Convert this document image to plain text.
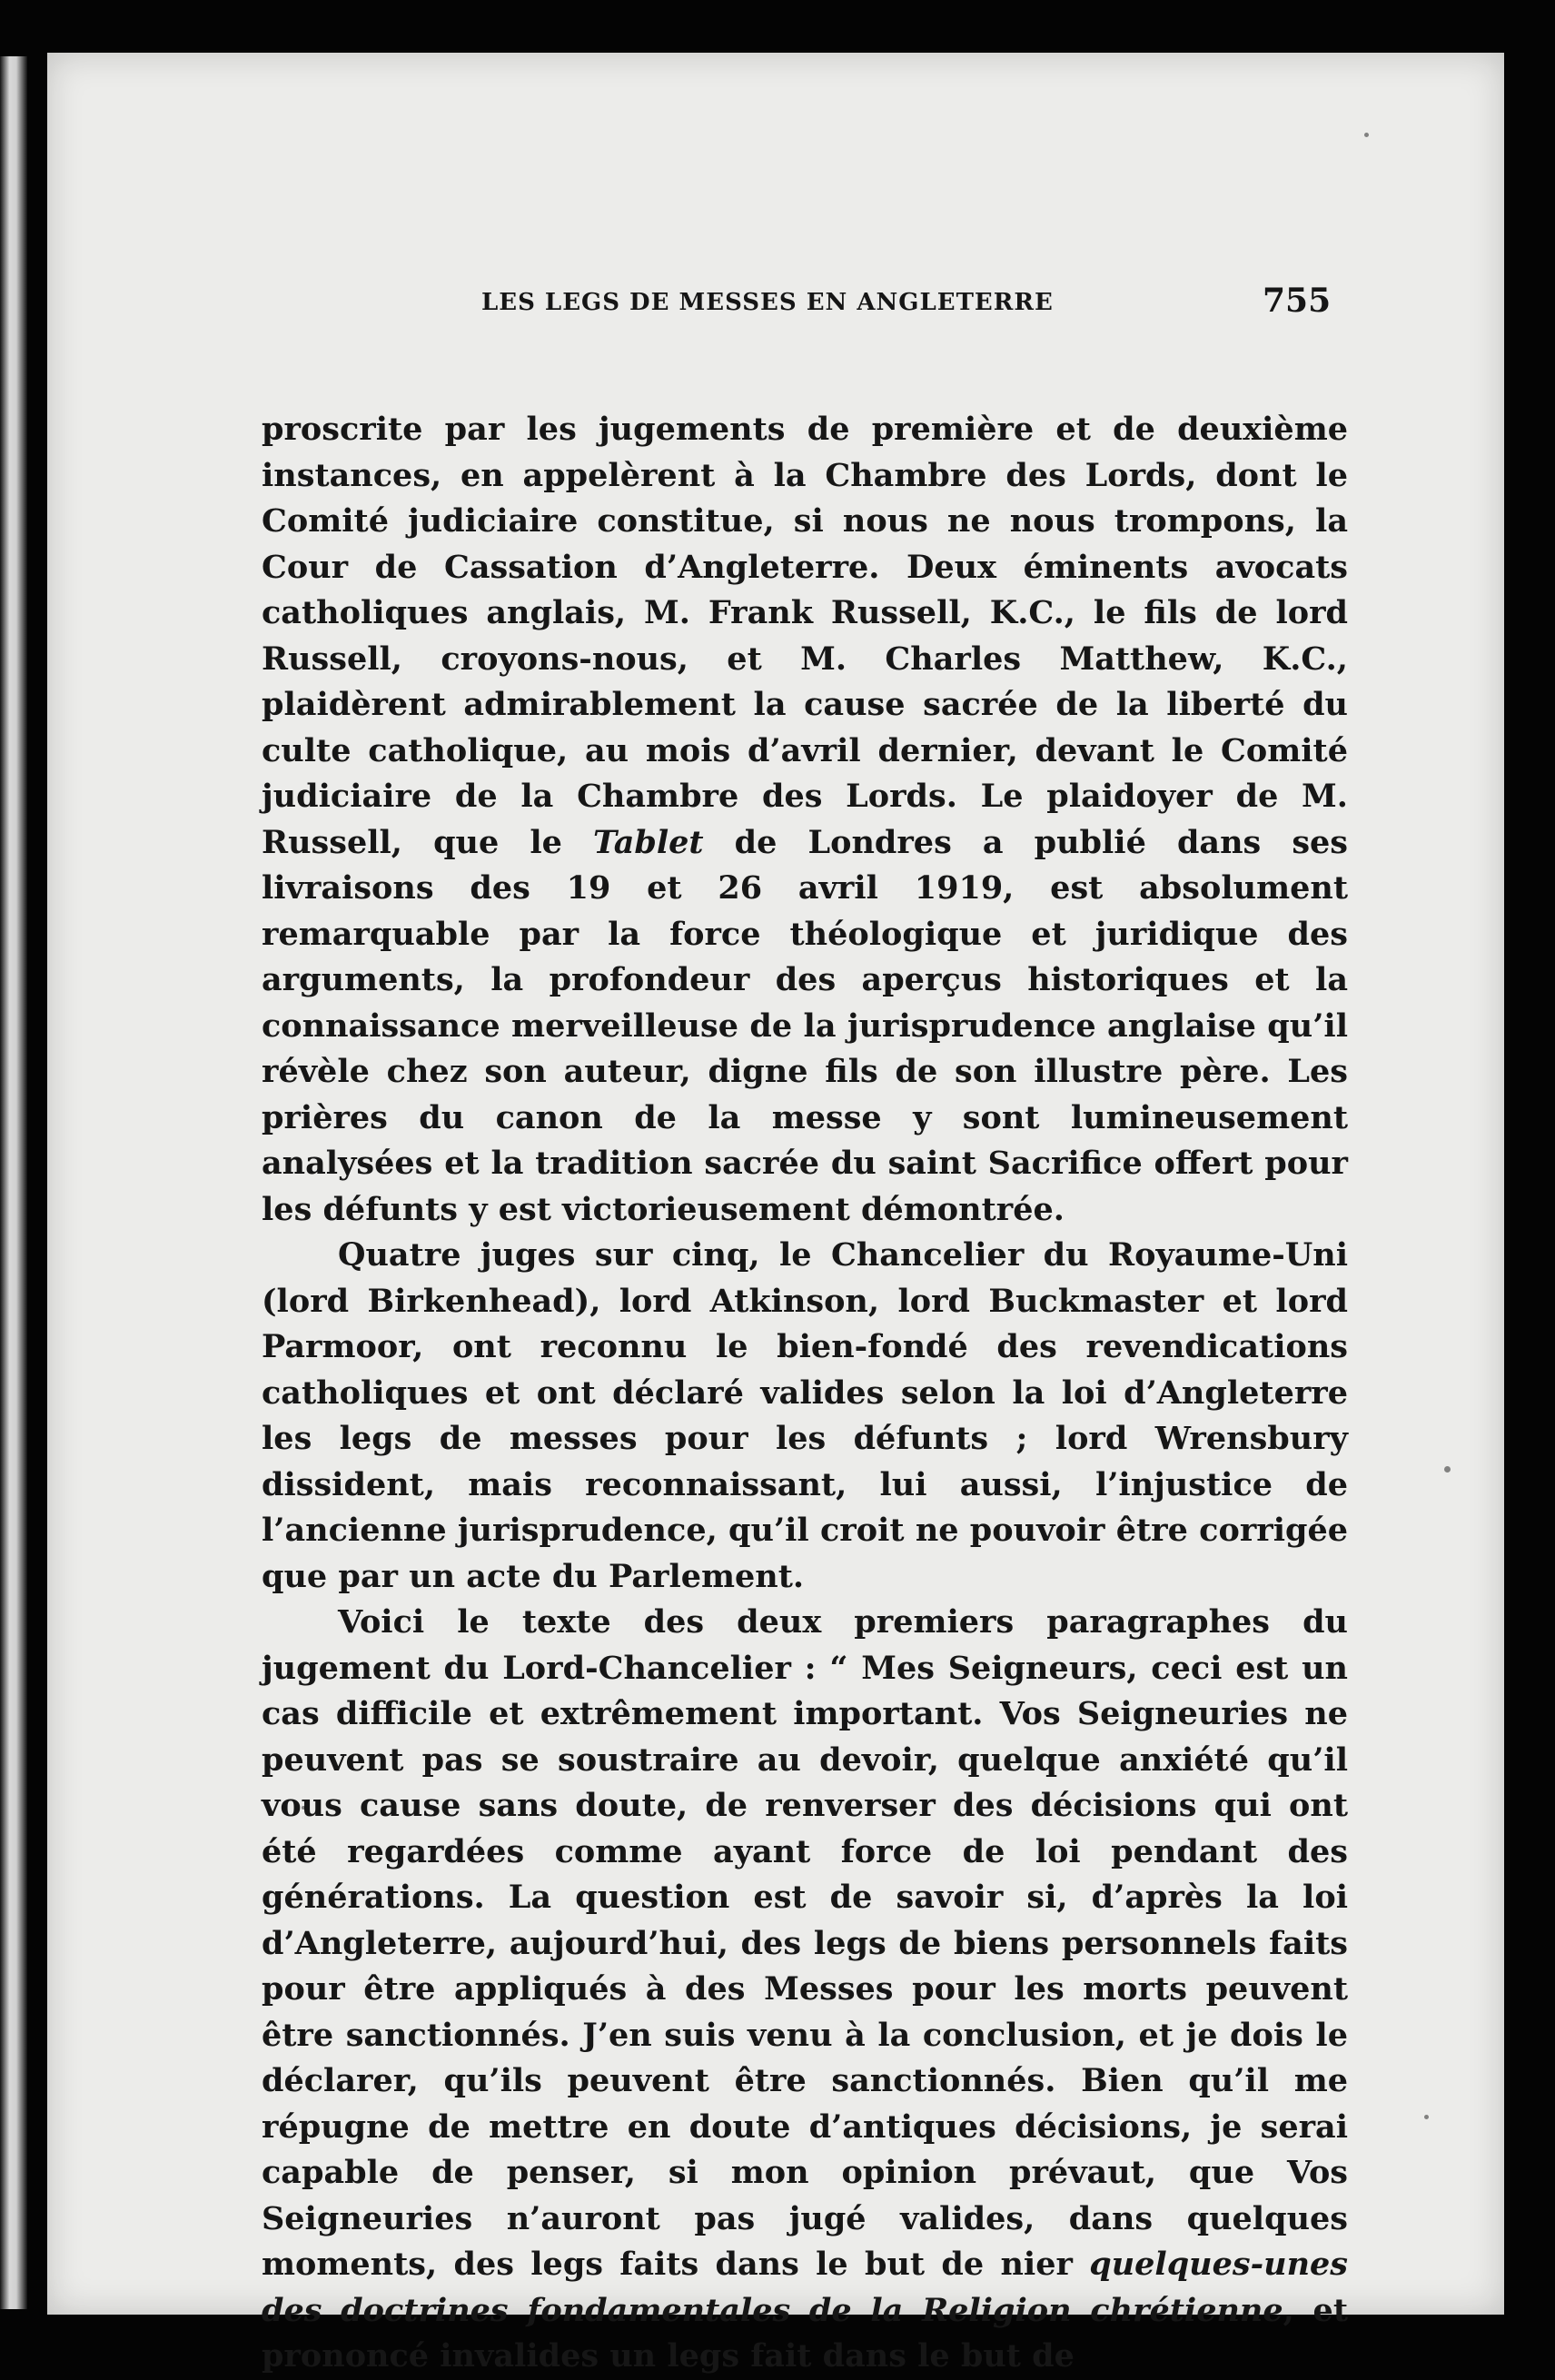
LES LEGS DE MESSES EN ANGLETERRE	755

proscrite par les jugements de première et de deuxième instances, en appelèrent à la Chambre des Lords, dont le Comité judiciaire constitue, si nous ne nous trompons, la Cour de Cassation d’Angleterre. Deux éminents avocats catholiques anglais, M. Frank Russell, K.C., le fils de lord Russell, croyons-nous, et M. Charles Matthew, K.C., plaidèrent admirablement la cause sacrée de la liberté du culte catholique, au mois d’avril dernier, devant le Comité judiciaire de la Chambre des Lords. Le plaidoyer de M. Russell, que le Tablet de Londres a publié dans ses livraisons des 19 et 26 avril 1919, est absolument remarquable par la force théologique et juridique des arguments, la profondeur des aperçus historiques et la connaissance merveilleuse de la jurisprudence anglaise qu’il révèle chez son auteur, digne fils de son illustre père. Les prières du canon de la messe y sont lumineusement analysées et la tradition sacrée du saint Sacrifice offert pour les défunts y est victorieusement démontrée.

Quatre juges sur cinq, le Chancelier du Royaume-Uni (lord Birkenhead), lord Atkinson, lord Buckmaster et lord Parmoor, ont reconnu le bien-fondé des revendications catholiques et ont déclaré valides selon la loi d’Angleterre les legs de messes pour les défunts ; lord Wrensbury dissident, mais reconnaissant, lui aussi, l’injustice de l’ancienne jurisprudence, qu’il croit ne pouvoir être corrigée que par un acte du Parlement.

Voici le texte des deux premiers paragraphes du jugement du Lord-Chancelier : “ Mes Seigneurs, ceci est un cas difficile et extrêmement important. Vos Seigneuries ne peuvent pas se soustraire au devoir, quelque anxiété qu’il vous cause sans doute, de renverser des décisions qui ont été regardées comme ayant force de loi pendant des générations. La question est de savoir si, d’après la loi d’Angleterre, aujourd’hui, des legs de biens personnels faits pour être appliqués à des Messes pour les morts peuvent être sanctionnés. J’en suis venu à la conclusion, et je dois le déclarer, qu’ils peuvent être sanctionnés. Bien qu’il me répugne de mettre en doute d’antiques décisions, je serai capable de penser, si mon opinion prévaut, que Vos Seigneuries n’auront pas jugé valides, dans quelques moments, des legs faits dans le but de nier quelques-unes des doctrines fondamentales de la Religion chrétienne, et prononcé invalides un legs fait dans le but de
